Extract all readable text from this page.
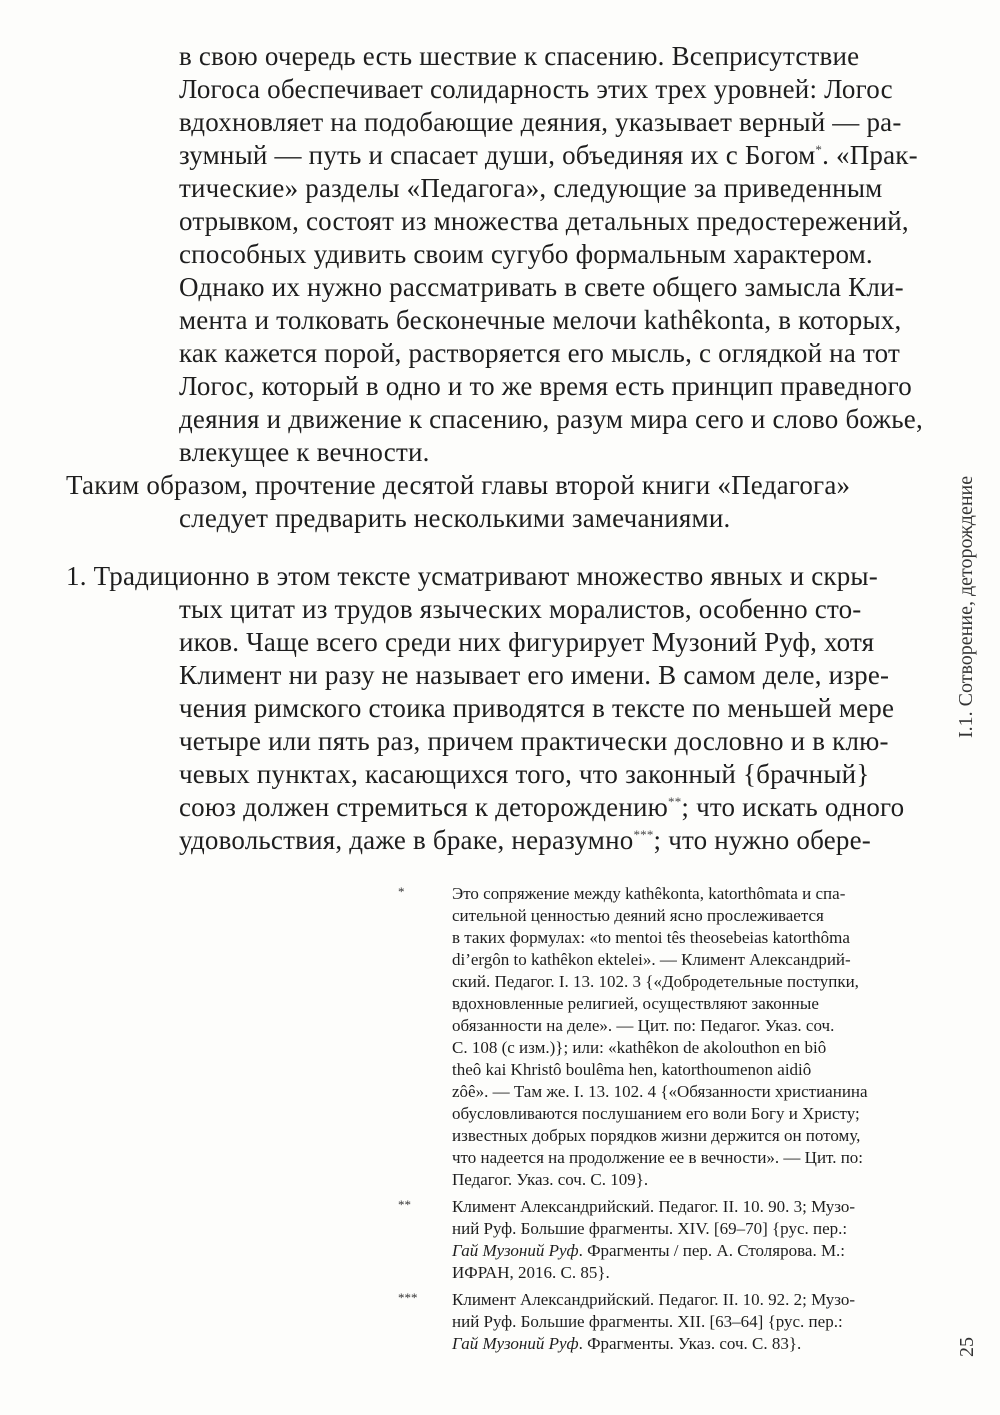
в свою очередь есть шествие к спасению. Всеприсутствие
Логоса обеспечивает солидарность этих трех уровней: Логос
вдохновляет на подобающие деяния, указывает верный — ра-
зумный — путь и спасает души, объединяя их с Богом*. «Прак-
тические» разделы «Педагога», следующие за приведенным
отрывком, состоят из множества детальных предостережений,
способных удивить своим сугубо формальным характером.
Однако их нужно рассматривать в свете общего замысла Кли-
мента и толковать бесконечные мелочи kathêkonta, в которых,
как кажется порой, растворяется его мысль, с оглядкой на тот
Логос, который в одно и то же время есть принцип праведного
деяния и движение к спасению, разум мира сего и слово божье,
влекущее к вечности.
Таким образом, прочтение десятой главы второй книги «Педагога»
следует предварить несколькими замечаниями.
1. Традиционно в этом тексте усматривают множество явных и скры-
тых цитат из трудов языческих моралистов, особенно сто-
иков. Чаще всего среди них фигурирует Музоний Руф, хотя
Климент ни разу не называет его имени. В самом деле, изре-
чения римского стоика приводятся в тексте по меньшей мере
четыре или пять раз, причем практически дословно и в клю-
чевых пунктах, касающихся того, что законный {брачный}
союз должен стремиться к деторождению**; что искать одного
удовольствия, даже в браке, неразумно***; что нужно обере-
*	Это сопряжение между kathêkonta, katorthômata и спа-
сительной ценностью деяний ясно прослеживается
в таких формулах: «to mentoi tês theosebeias katorthôma
di’ergôn to kathêkon ektelei». — Климент Александрий-
ский. Педагог. I. 13. 102. 3 {«Добродетельные поступки,
вдохновленные религией, осуществляют законные
обязанности на деле». — Цит. по: Педагог. Указ. соч.
С. 108 (с изм.)}; или: «kathêkon de akolouthon en biô
theô kai Khristô boulêma hen, katorthoumenon aidiô
zôê». — Там же. I. 13. 102. 4 {«Обязанности христианина
обусловливаются послушанием его воли Богу и Христу;
известных добрых порядков жизни держится он потому,
что надеется на продолжение ее в вечности». — Цит. по:
Педагог. Указ. соч. С. 109}.
** Климент Александрийский. Педагог. II. 10. 90. 3; Музо-
ний Руф. Большие фрагменты. XIV. [69–70] {рус. пер.:
Гай Музоний Руф. Фрагменты / пер. А. Столярова. М.:
ИФРАН, 2016. С. 85}.
*** Климент Александрийский. Педагог. II. 10. 92. 2; Музо-
ний Руф. Большие фрагменты. XII. [63–64] {рус. пер.:
Гай Музоний Руф. Фрагменты. Указ. соч. С. 83}.
I.1. Сотворение, деторождение
25
